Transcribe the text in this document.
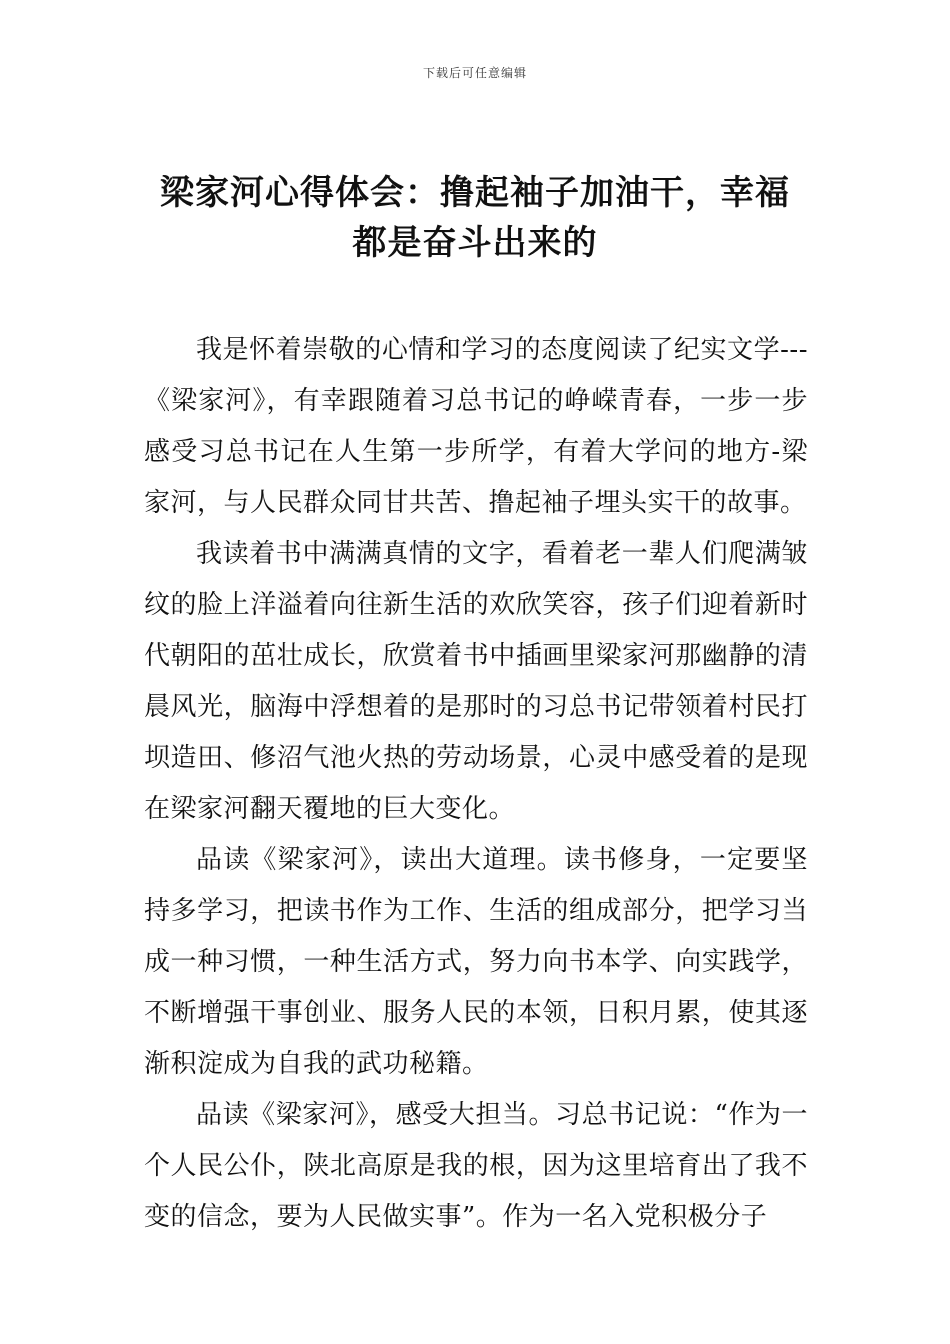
下载后可任意编辑
梁家河心得体会：撸起袖子加油干，幸福
都是奋斗出来的

我是怀着崇敬的心情和学习的态度阅读了纪实文学---《梁家河》，有幸跟随着习总书记的峥嵘青春，一步一步感受习总书记在人生第一步所学，有着大学问的地方-梁家河，与人民群众同甘共苦、撸起袖子埋头实干的故事。

我读着书中满满真情的文字，看着老一辈人们爬满皱纹的脸上洋溢着向往新生活的欢欣笑容，孩子们迎着新时代朝阳的茁壮成长，欣赏着书中插画里梁家河那幽静的清晨风光，脑海中浮想着的是那时的习总书记带领着村民打坝造田、修沼气池火热的劳动场景，心灵中感受着的是现在梁家河翻天覆地的巨大变化。

品读《梁家河》，读出大道理。读书修身，一定要坚持多学习，把读书作为工作、生活的组成部分，把学习当成一种习惯，一种生活方式，努力向书本学、向实践学，不断增强干事创业、服务人民的本领，日积月累，使其逐渐积淀成为自我的武功秘籍。

品读《梁家河》，感受大担当。习总书记说：“作为一个人民公仆，陕北高原是我的根，因为这里培育出了我不变的信念，要为人民做实事”。作为一名入党积极分子
